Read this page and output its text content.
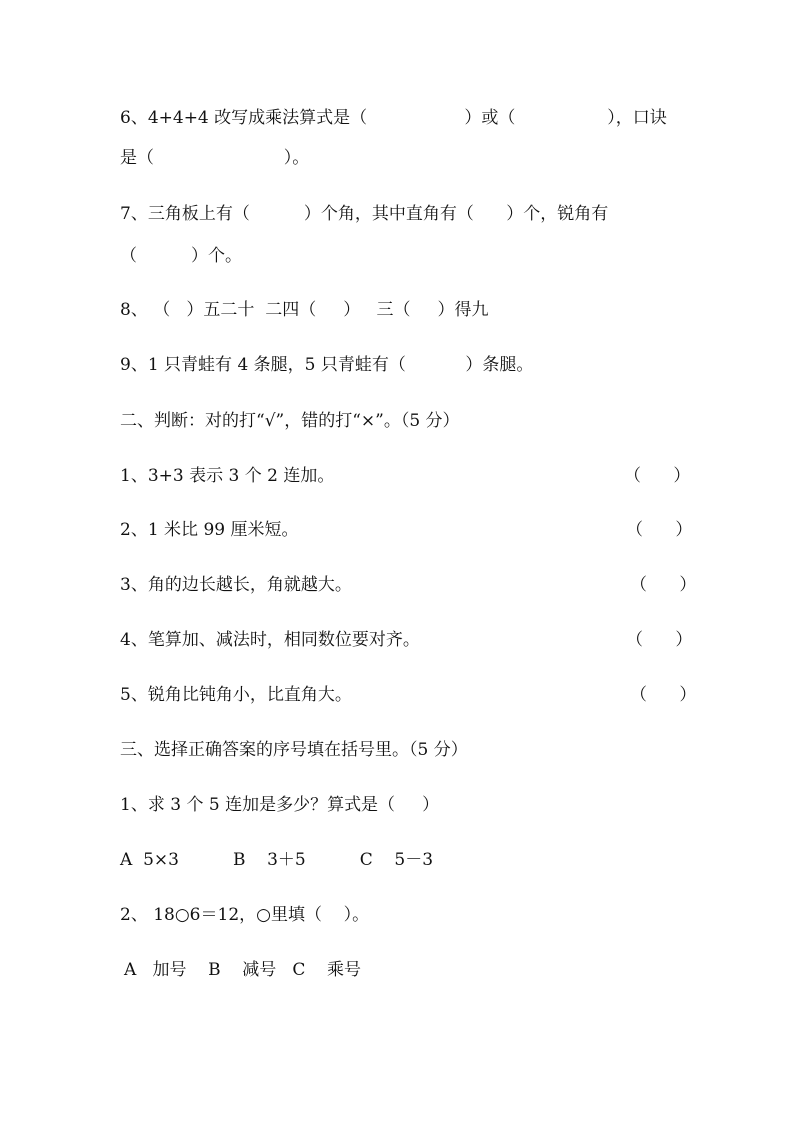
6、4+4+4 改写成乘法算式是（                  ）或（                 ），口诀

是（                        ）。

7、三角板上有（          ）个角，其中直角有（      ）个，锐角有

（          ）个。

8、 （   ）五二十  二四（     ）   三（     ）得九

9、1 只青蛙有 4 条腿，5 只青蛙有（           ）条腿。

二、判断：对的打“√”，错的打“×”。（5 分）

1、3+3 表示 3 个 2 连加。	（      ）

2、1 米比 99 厘米短。	（      ）

3、角的边长越长，角就越大。	（      ）

4、笔算加、减法时，相同数位要对齐。	（      ）

5、锐角比钝角小，比直角大。	（      ）

三、选择正确答案的序号填在括号里。（5 分）

1、求 3 个 5 连加是多少？算式是（     ）

A  5×3          B    3＋5          C    5－3

2、 18○6＝12，○里填（    ）。

A   加号    B    减号   C    乘号
